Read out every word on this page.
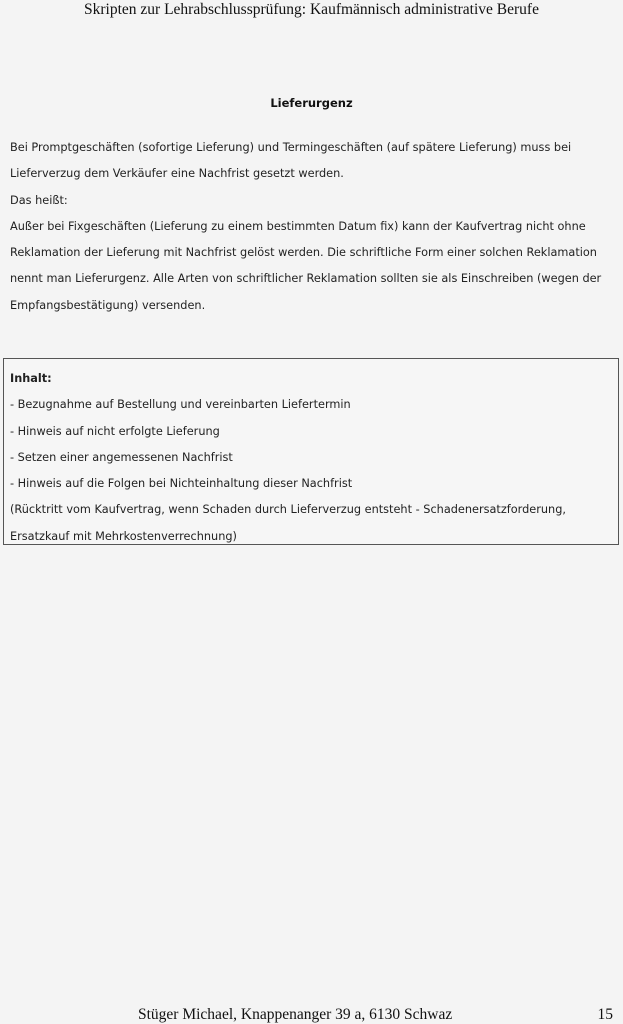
Skripten zur Lehrabschlussprüfung: Kaufmännisch administrative Berufe
Lieferurgenz
Bei Promptgeschäften (sofortige Lieferung) und Termingeschäften (auf spätere Lieferung) muss bei
Lieferverzug dem Verkäufer eine Nachfrist gesetzt werden.
Das heißt:
Außer bei Fixgeschäften (Lieferung zu einem bestimmten Datum fix) kann der Kaufvertrag nicht ohne
Reklamation der Lieferung mit Nachfrist gelöst werden. Die schriftliche Form einer solchen Reklamation
nennt man Lieferurgenz. Alle Arten von schriftlicher Reklamation sollten sie als Einschreiben (wegen der
Empfangsbestätigung) versenden.
Inhalt:
- Bezugnahme auf Bestellung und vereinbarten Liefertermin
- Hinweis auf nicht erfolgte Lieferung
- Setzen einer angemessenen Nachfrist
- Hinweis auf die Folgen bei Nichteinhaltung dieser Nachfrist
(Rücktritt vom Kaufvertrag, wenn Schaden durch Lieferverzug entsteht - Schadenersatzforderung,
Ersatzkauf mit Mehrkostenverrechnung)
Stüger Michael, Knappenanger 39 a, 6130 Schwaz	15
